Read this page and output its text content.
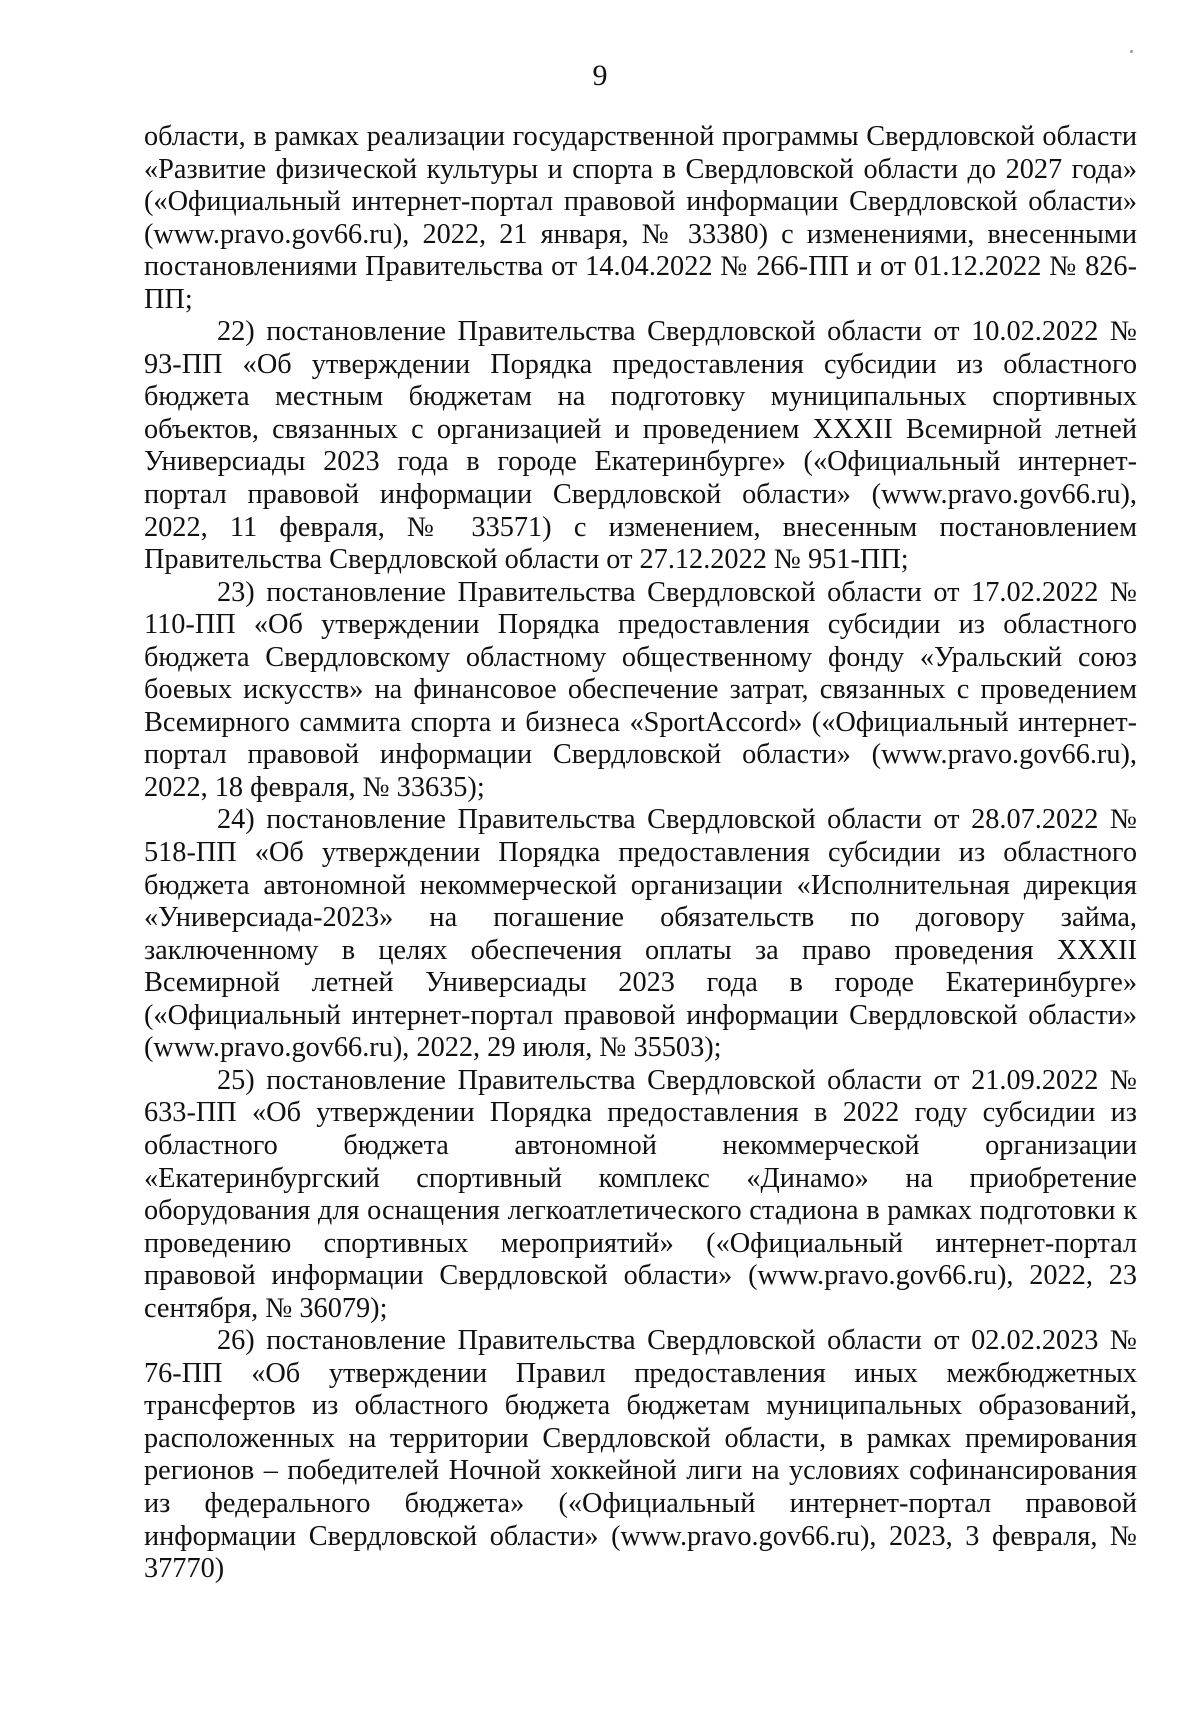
9

области, в рамках реализации государственной программы Свердловской области «Развитие физической культуры и спорта в Свердловской области до 2027 года» («Официальный интернет-портал правовой информации Свердловской области» (www.pravo.gov66.ru), 2022, 21 января, № 33380) с изменениями, внесенными постановлениями Правительства от 14.04.2022 № 266-ПП и от 01.12.2022 № 826-ПП;

22) постановление Правительства Свердловской области от 10.02.2022 № 93-ПП «Об утверждении Порядка предоставления субсидии из областного бюджета местным бюджетам на подготовку муниципальных спортивных объектов, связанных с организацией и проведением XXXII Всемирной летней Универсиады 2023 года в городе Екатеринбурге» («Официальный интернет-портал правовой информации Свердловской области» (www.pravo.gov66.ru), 2022, 11 февраля, № 33571) с изменением, внесенным постановлением Правительства Свердловской области от 27.12.2022 № 951-ПП;

23) постановление Правительства Свердловской области от 17.02.2022 № 110-ПП «Об утверждении Порядка предоставления субсидии из областного бюджета Свердловскому областному общественному фонду «Уральский союз боевых искусств» на финансовое обеспечение затрат, связанных с проведением Всемирного саммита спорта и бизнеса «SportAccord» («Официальный интернет-портал правовой информации Свердловской области» (www.pravo.gov66.ru), 2022, 18 февраля, № 33635);

24) постановление Правительства Свердловской области от 28.07.2022 № 518-ПП «Об утверждении Порядка предоставления субсидии из областного бюджета автономной некоммерческой организации «Исполнительная дирекция «Универсиада-2023» на погашение обязательств по договору займа, заключенному в целях обеспечения оплаты за право проведения XXXII Всемирной летней Универсиады 2023 года в городе Екатеринбурге» («Официальный интернет-портал правовой информации Свердловской области» (www.pravo.gov66.ru), 2022, 29 июля, № 35503);

25) постановление Правительства Свердловской области от 21.09.2022 № 633-ПП «Об утверждении Порядка предоставления в 2022 году субсидии из областного бюджета автономной некоммерческой организации «Екатеринбургский спортивный комплекс «Динамо» на приобретение оборудования для оснащения легкоатлетического стадиона в рамках подготовки к проведению спортивных мероприятий» («Официальный интернет-портал правовой информации Свердловской области» (www.pravo.gov66.ru), 2022, 23 сентября, № 36079);

26) постановление Правительства Свердловской области от 02.02.2023 № 76-ПП «Об утверждении Правил предоставления иных межбюджетных трансфертов из областного бюджета бюджетам муниципальных образований, расположенных на территории Свердловской области, в рамках премирования регионов – победителей Ночной хоккейной лиги на условиях софинансирования из федерального бюджета» («Официальный интернет-портал правовой информации Свердловской области» (www.pravo.gov66.ru), 2023, 3 февраля, № 37770)
